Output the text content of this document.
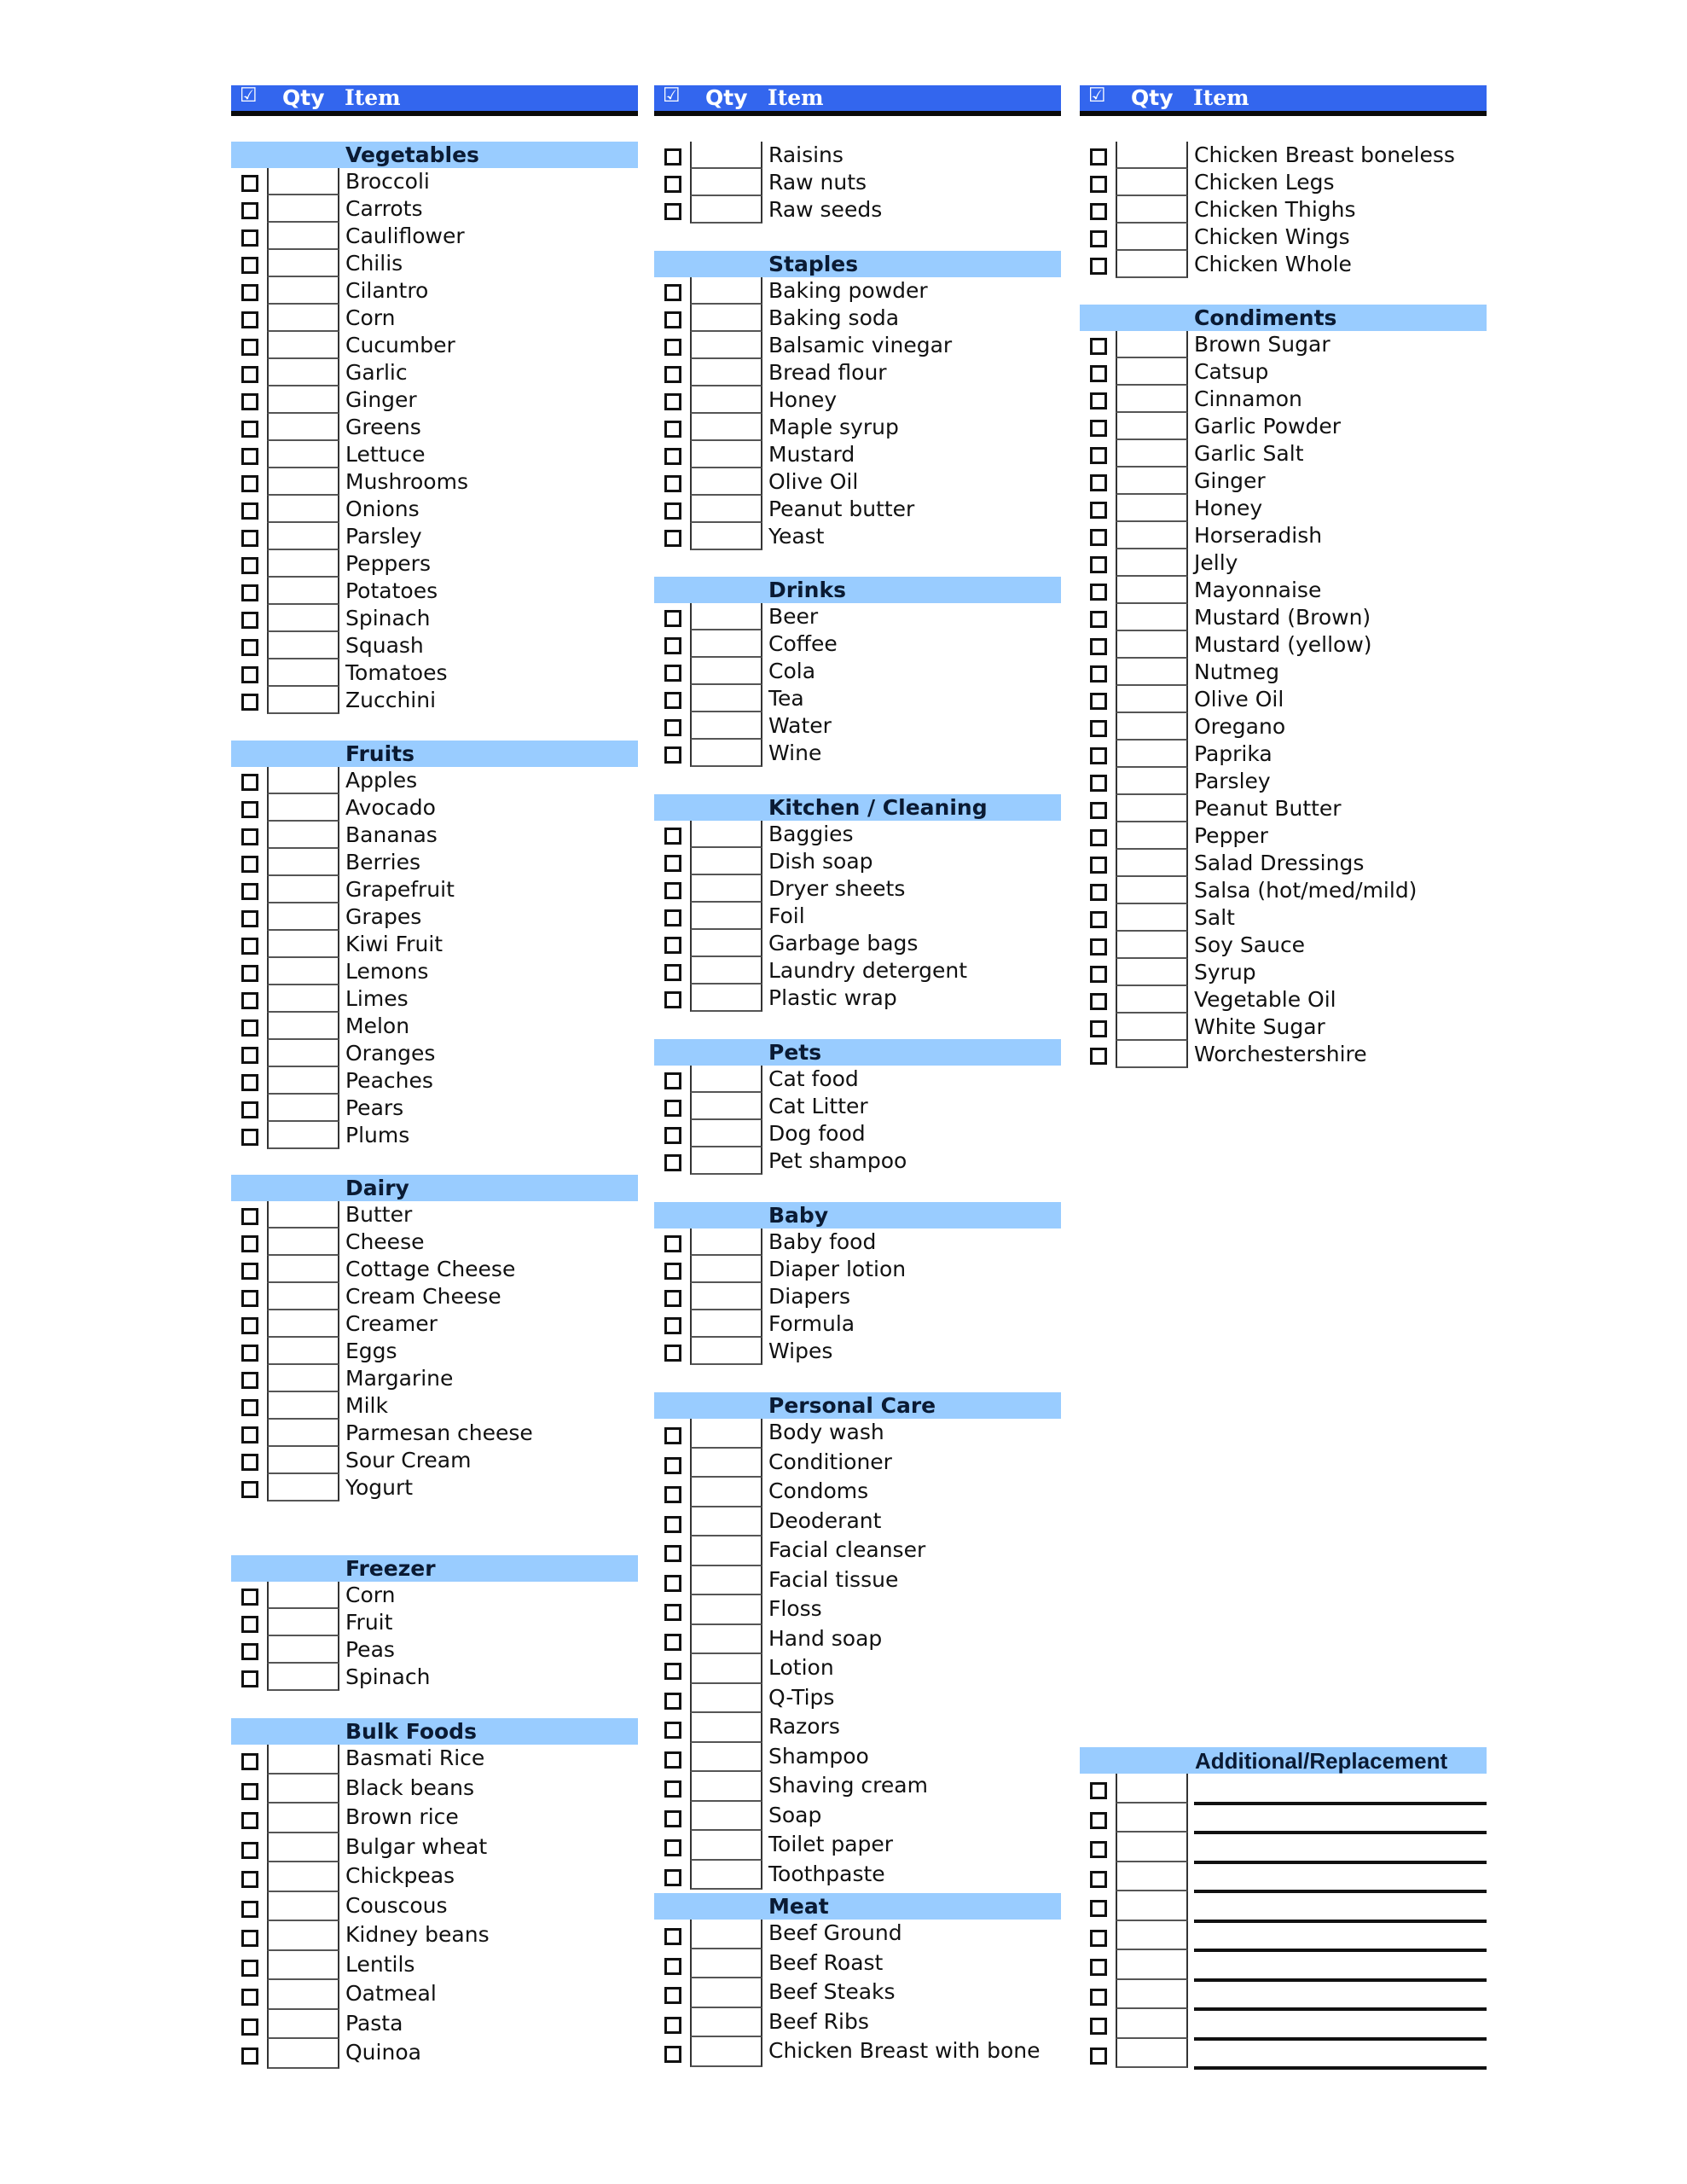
☑ Qty Item
Vegetables
Broccoli
Carrots
Cauliflower
Chilis
Cilantro
Corn
Cucumber
Garlic
Ginger
Greens
Lettuce
Mushrooms
Onions
Parsley
Peppers
Potatoes
Spinach
Squash
Tomatoes
Zucchini
Fruits
Apples
Avocado
Bananas
Berries
Grapefruit
Grapes
Kiwi Fruit
Lemons
Limes
Melon
Oranges
Peaches
Pears
Plums
Dairy
Butter
Cheese
Cottage Cheese
Cream Cheese
Creamer
Eggs
Margarine
Milk
Parmesan cheese
Sour Cream
Yogurt
Freezer
Corn
Fruit
Peas
Spinach
Bulk Foods
Basmati Rice
Black beans
Brown rice
Bulgar wheat
Chickpeas
Couscous
Kidney beans
Lentils
Oatmeal
Pasta
Quinoa
☑ Qty Item
Raisins
Raw nuts
Raw seeds
Staples
Baking powder
Baking soda
Balsamic vinegar
Bread flour
Honey
Maple syrup
Mustard
Olive Oil
Peanut butter
Yeast
Drinks
Beer
Coffee
Cola
Tea
Water
Wine
Kitchen / Cleaning
Baggies
Dish soap
Dryer sheets
Foil
Garbage bags
Laundry detergent
Plastic wrap
Pets
Cat food
Cat Litter
Dog food
Pet shampoo
Baby
Baby food
Diaper lotion
Diapers
Formula
Wipes
Personal Care
Body wash
Conditioner
Condoms
Deoderant
Facial cleanser
Facial tissue
Floss
Hand soap
Lotion
Q-Tips
Razors
Shampoo
Shaving cream
Soap
Toilet paper
Toothpaste
Meat
Beef Ground
Beef Roast
Beef Steaks
Beef Ribs
Chicken Breast with bone
☑ Qty Item
Chicken Breast boneless
Chicken Legs
Chicken Thighs
Chicken Wings
Chicken Whole
Condiments
Brown Sugar
Catsup
Cinnamon
Garlic Powder
Garlic Salt
Ginger
Honey
Horseradish
Jelly
Mayonnaise
Mustard (Brown)
Mustard (yellow)
Nutmeg
Olive Oil
Oregano
Paprika
Parsley
Peanut Butter
Pepper
Salad Dressings
Salsa (hot/med/mild)
Salt
Soy Sauce
Syrup
Vegetable Oil
White Sugar
Worchestershire
Additional/Replacement
